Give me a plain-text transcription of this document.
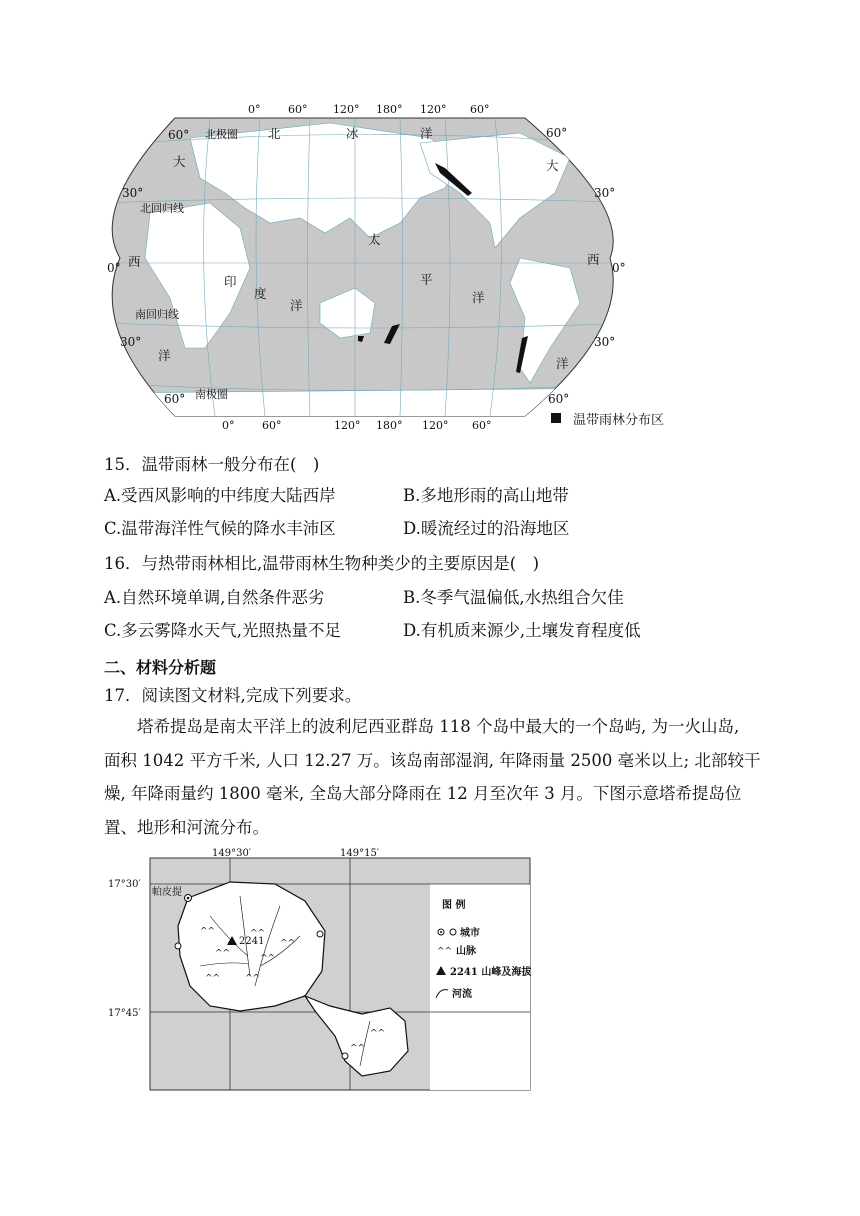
北极圈
北回归线
南回归线
南极圈
北	冰	洋
大
西
洋
印
度
洋
太
平
洋
大
西
洋
0°	60° 120° 180° 120° 60°
0°	60°	120° 180° 120° 60°
60°
30°
0°
30°
60°
60°
30°
0°
30°
60°
温带雨林分布区
15．温带雨林一般分布在(　)
A.受西风影响的中纬度大陆西岸	B.多地形雨的高山地带
C.温带海洋性气候的降水丰沛区	D.暖流经过的沿海地区
16．与热带雨林相比,温带雨林生物种类少的主要原因是(　)
A.自然环境单调,自然条件恶劣	B.冬季气温偏低,水热组合欠佳
C.多云雾降水天气,光照热量不足	D.有机质来源少,土壤发育程度低
二、材料分析题
17．阅读图文材料,完成下列要求。
塔希提岛是南太平洋上的波利尼西亚群岛 118 个岛中最大的一个岛屿, 为一火山岛,
面积 1042 平方千米, 人口 12.27 万。该岛南部湿润, 年降雨量 2500 毫米以上; 北部较干
燥, 年降雨量约 1800 毫米, 全岛大部分降雨在 12 月至次年 3 月。下图示意塔希提岛位
置、地形和河流分布。
^^	^^
^^
^^	^^
^^	^^
^^
^^
2241
帕皮提
149°30′	149°15′
17°30′
17°45′
图 例
城市
^^ 山脉
2241 山峰及海拔
河流
